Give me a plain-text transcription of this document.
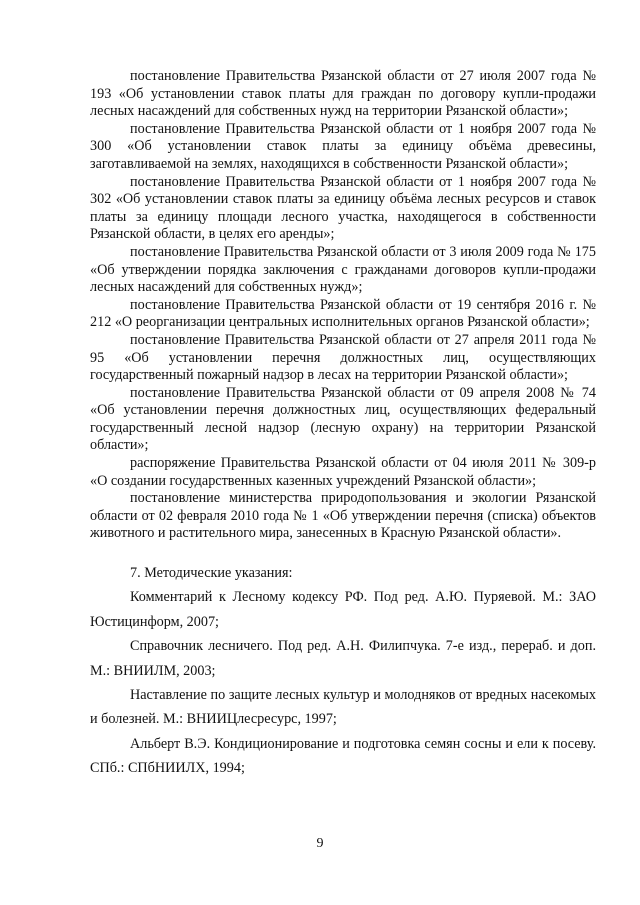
постановление Правительства Рязанской области от 27 июля 2007 года № 193 «Об установлении ставок платы для граждан по договору купли-продажи лесных насаждений для собственных нужд на территории Рязанской области»;

постановление Правительства Рязанской области от 1 ноября 2007 года № 300 «Об установлении ставок платы за единицу объёма древесины, заготавливаемой на землях, находящихся в собственности Рязанской области»;

постановление Правительства Рязанской области от 1 ноября 2007 года № 302 «Об установлении ставок платы за единицу объёма лесных ресурсов и ставок платы за единицу площади лесного участка, находящегося в собственности Рязанской области, в целях его аренды»;

постановление Правительства Рязанской области от 3 июля 2009 года № 175 «Об утверждении порядка заключения с гражданами договоров купли-продажи лесных насаждений для собственных нужд»;

постановление Правительства Рязанской области от 19 сентября 2016 г. № 212 «О реорганизации центральных исполнительных органов Рязанской области»;

постановление Правительства Рязанской области от 27 апреля 2011 года № 95 «Об установлении перечня должностных лиц, осуществляющих государственный пожарный надзор в лесах на территории Рязанской области»;

постановление Правительства Рязанской области от 09 апреля 2008 № 74 «Об установлении перечня должностных лиц, осуществляющих федеральный государственный лесной надзор (лесную охрану) на территории Рязанской области»;

распоряжение Правительства Рязанской области от 04 июля 2011 № 309-р «О создании государственных казенных учреждений Рязанской области»;

постановление министерства природопользования и экологии Рязанской области от 02 февраля 2010 года № 1 «Об утверждении перечня (списка) объектов животного и растительного мира, занесенных в Красную Рязанской области».

7. Методические указания:

Комментарий к Лесному кодексу РФ. Под ред. А.Ю. Пуряевой. М.: ЗАО Юстицинформ, 2007;

Справочник лесничего. Под ред. А.Н. Филипчука. 7-е изд., перераб. и доп. М.: ВНИИЛМ, 2003;

Наставление по защите лесных культур и молодняков от вредных насекомых и болезней. М.: ВНИИЦлесресурс, 1997;

Альберт В.Э. Кондиционирование и подготовка семян сосны и ели к посеву. СПб.: СПбНИИЛХ, 1994;

9
